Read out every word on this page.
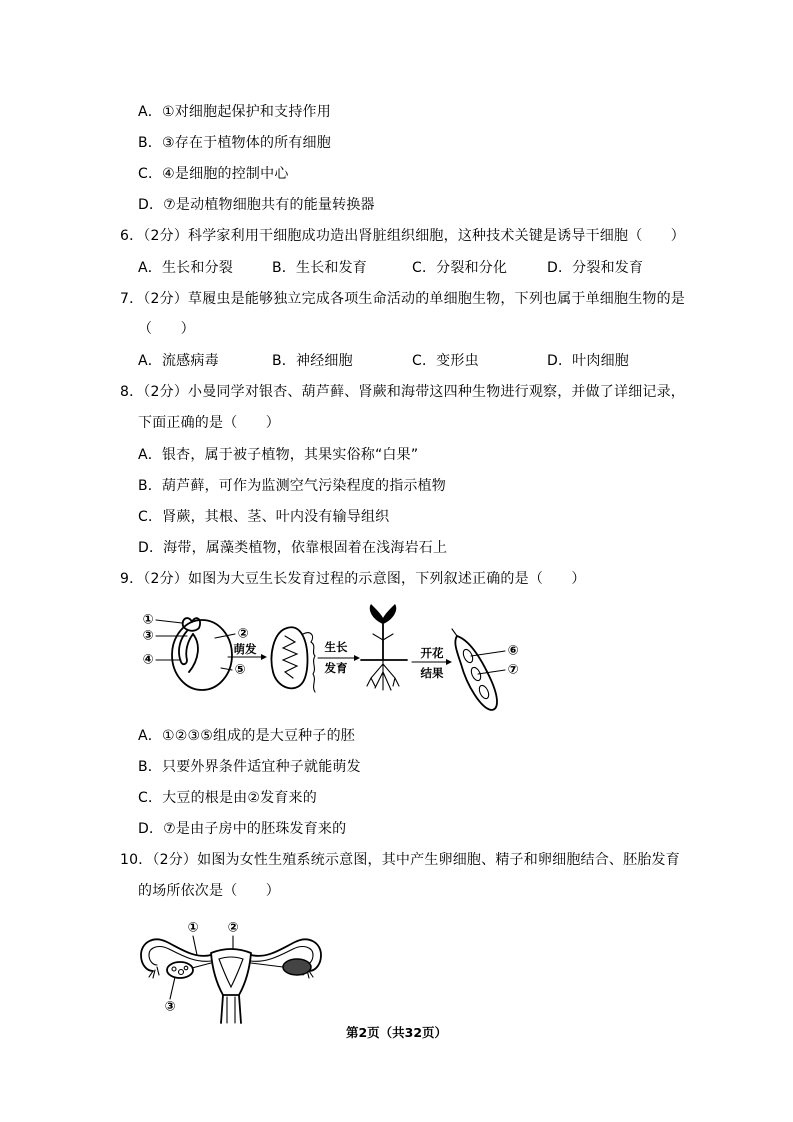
A．①对细胞起保护和支持作用
B．③存在于植物体的所有细胞
C．④是细胞的控制中心
D．⑦是动植物细胞共有的能量转换器
6．（2分）科学家利用干细胞成功造出肾脏组织细胞，这种技术关键是诱导干细胞（　　）
A．生长和分裂	B．生长和发育	C．分裂和分化	D．分裂和发育
7．（2分）草履虫是能够独立完成各项生命活动的单细胞生物，下列也属于单细胞生物的是
（　　）
A．流感病毒	B．神经细胞	C．变形虫	D．叶肉细胞
8．（2分）小曼同学对银杏、葫芦藓、肾蕨和海带这四种生物进行观察，并做了详细记录，
下面正确的是（　　）
A．银杏，属于被子植物，其果实俗称“白果”
B．葫芦藓，可作为监测空气污染程度的指示植物
C．肾蕨，其根、茎、叶内没有输导组织
D．海带，属藻类植物，依靠根固着在浅海岩石上
9．（2分）如图为大豆生长发育过程的示意图，下列叙述正确的是（　　）
①
③
④
②
⑤
萌发	生长
发育
开花
结果
⑥
⑦
A．①②③⑤组成的是大豆种子的胚
B．只要外界条件适宜种子就能萌发
C．大豆的根是由②发育来的
D．⑦是由子房中的胚珠发育来的
10．（2分）如图为女性生殖系统示意图，其中产生卵细胞、精子和卵细胞结合、胚胎发育
的场所依次是（　　）
① ②
③
第2页（共32页）
